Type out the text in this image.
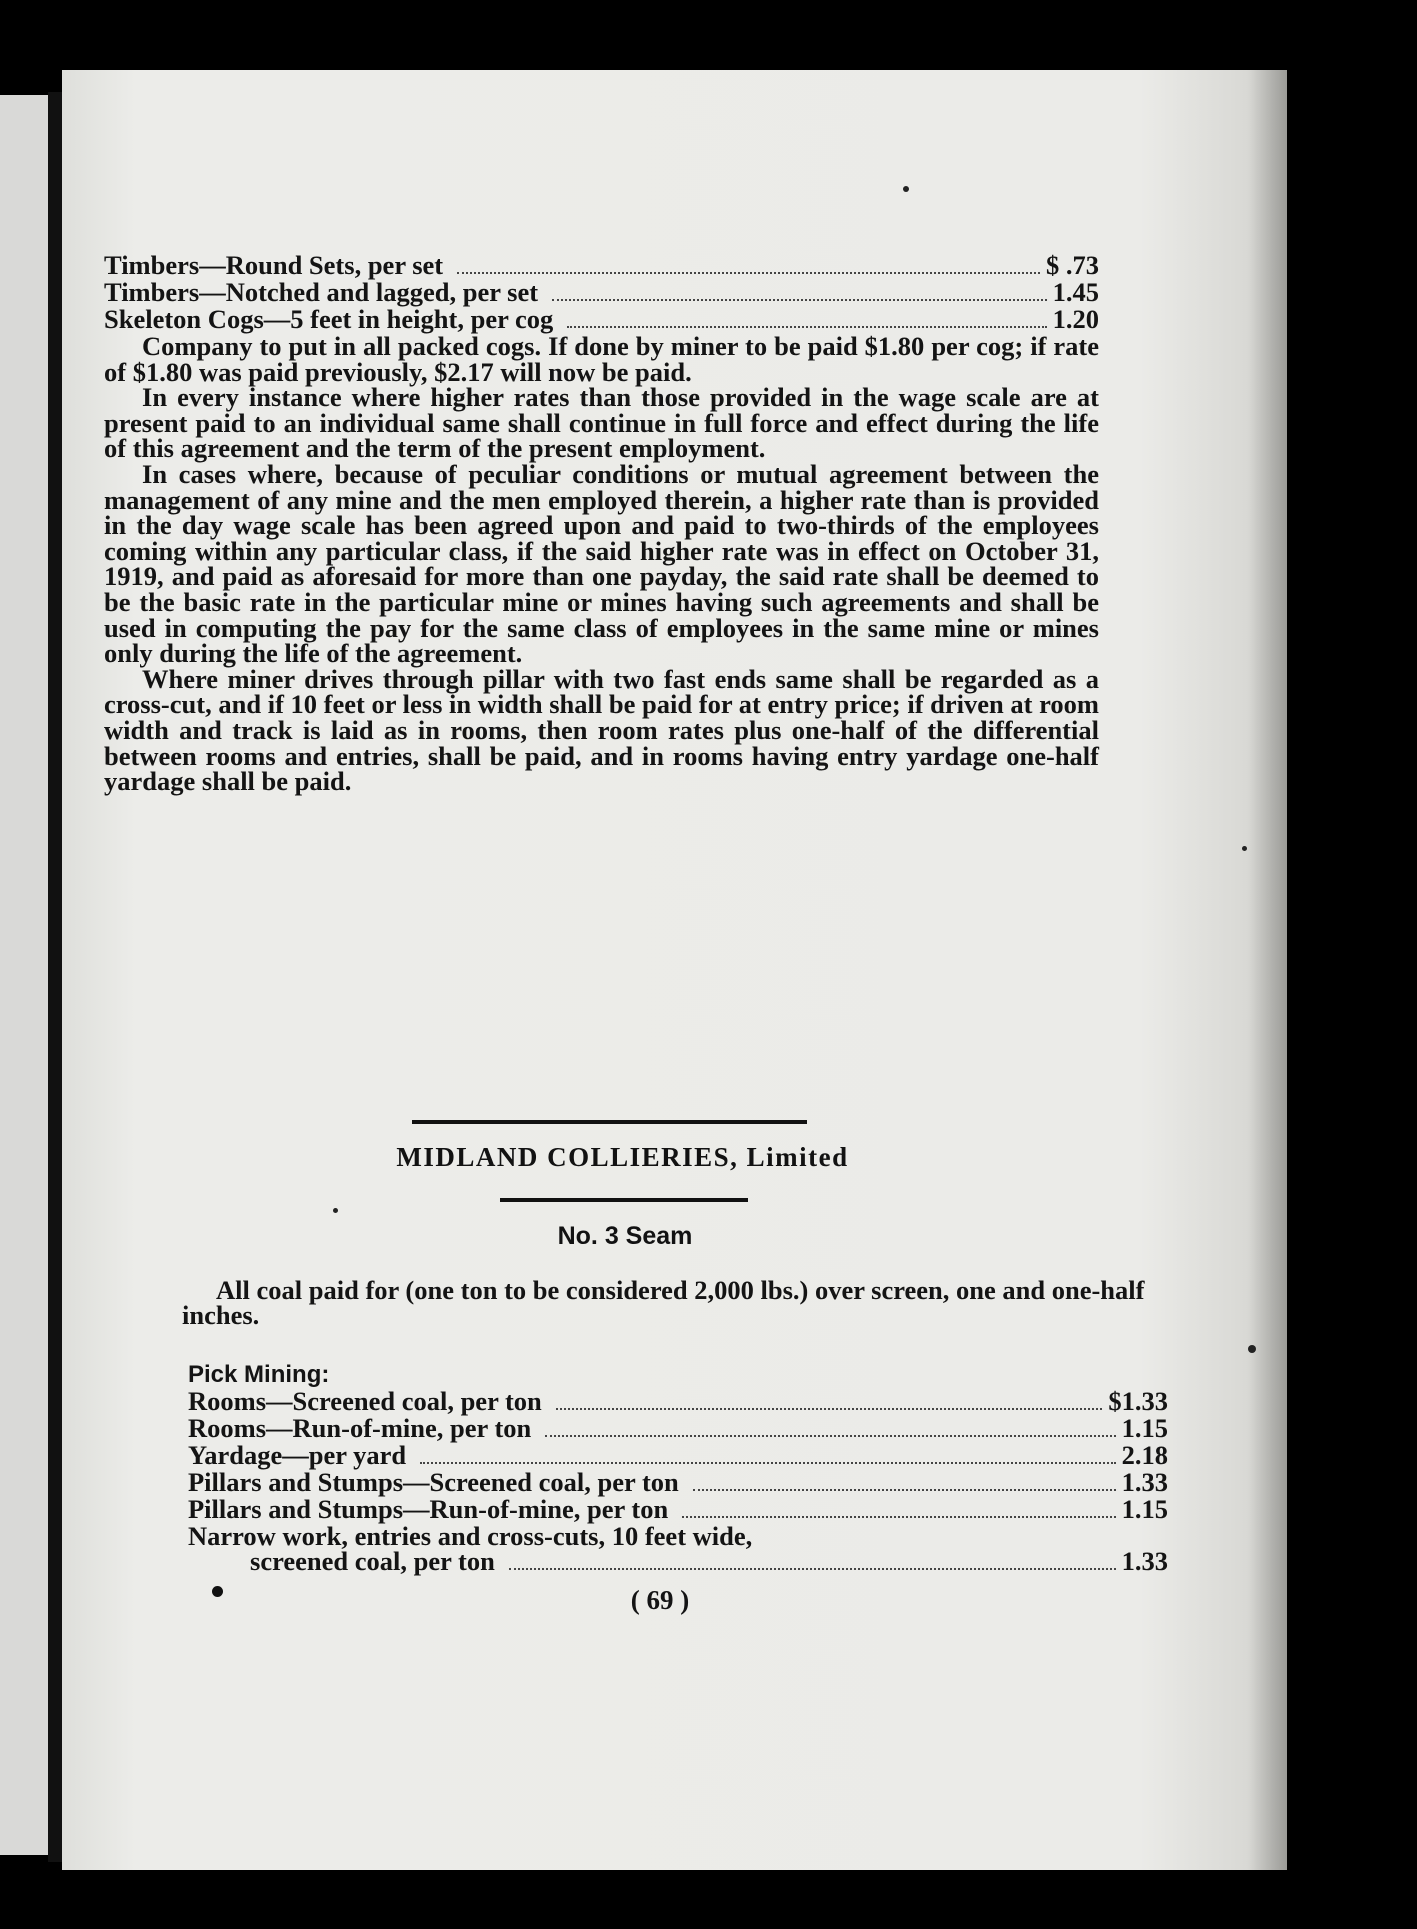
Timbers—Round Sets, per set	$ .73
Timbers—Notched and lagged, per set	1.45
Skeleton Cogs—5 feet in height, per cog	1.20

Company to put in all packed cogs. If done by miner to be paid $1.80 per cog; if rate of $1.80 was paid previously, $2.17 will now be paid.

In every instance where higher rates than those provided in the wage scale are at present paid to an individual same shall continue in full force and effect during the life of this agreement and the term of the present employment.

In cases where, because of peculiar conditions or mutual agreement between the management of any mine and the men employed therein, a higher rate than is provided in the day wage scale has been agreed upon and paid to two-thirds of the employees coming within any particular class, if the said higher rate was in effect on October 31, 1919, and paid as aforesaid for more than one payday, the said rate shall be deemed to be the basic rate in the particular mine or mines having such agreements and shall be used in computing the pay for the same class of employees in the same mine or mines only during the life of the agreement.

Where miner drives through pillar with two fast ends same shall be regarded as a cross-cut, and if 10 feet or less in width shall be paid for at entry price; if driven at room width and track is laid as in rooms, then room rates plus one-half of the differential between rooms and entries, shall be paid, and in rooms having entry yardage one-half yardage shall be paid.

MIDLAND COLLIERIES, Limited
No. 3 Seam

All coal paid for (one ton to be considered 2,000 lbs.) over screen, one and one-half inches.

Pick Mining:
Rooms—Screened coal, per ton	$1.33
Rooms—Run-of-mine, per ton	1.15
Yardage—per yard	2.18
Pillars and Stumps—Screened coal, per ton	1.33
Pillars and Stumps—Run-of-mine, per ton	1.15
Narrow work, entries and cross-cuts, 10 feet wide,
screened coal, per ton	1.33
( 69 )
